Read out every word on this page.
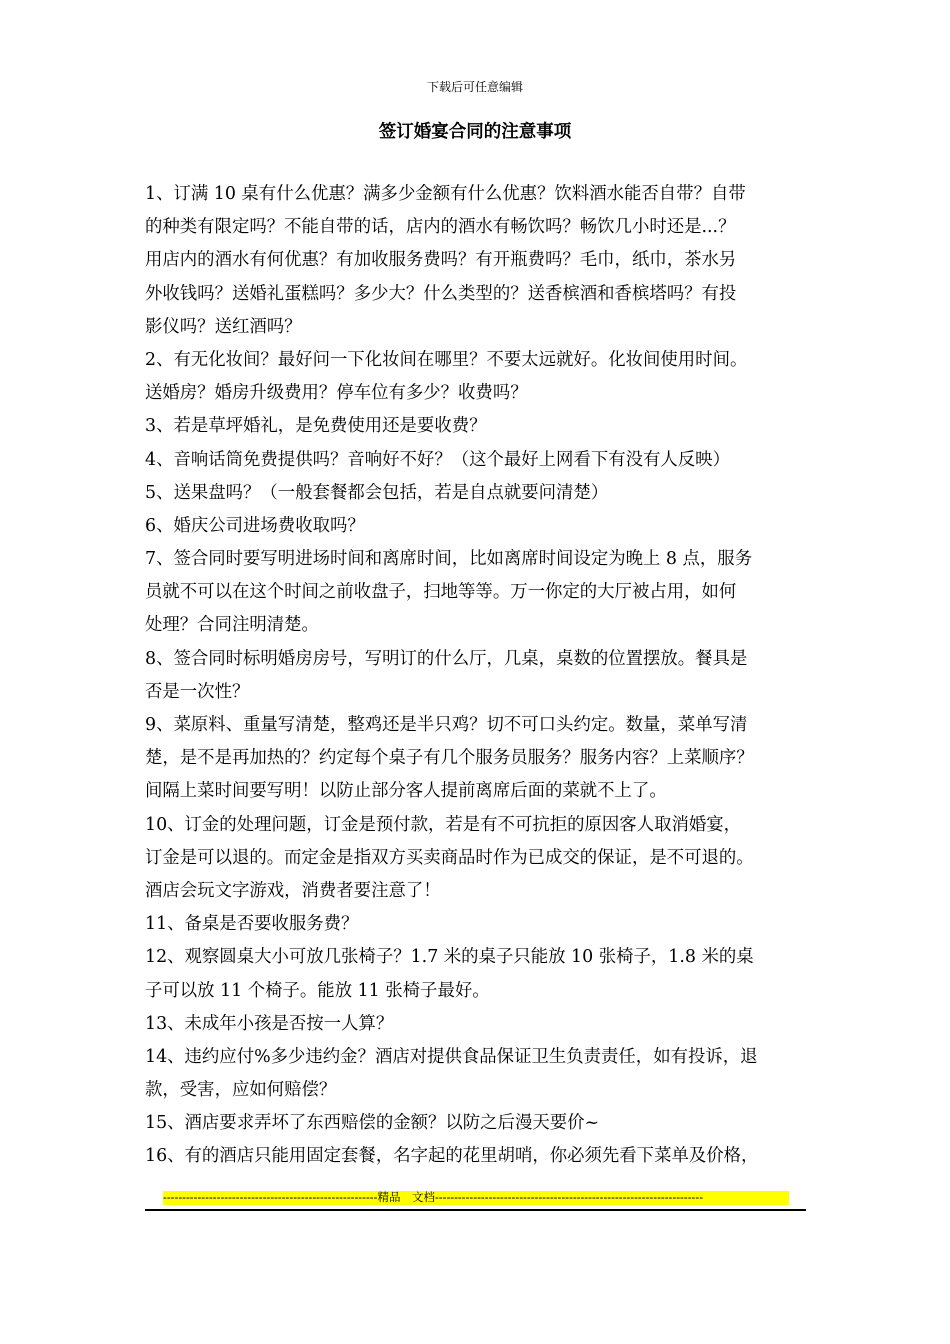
下载后可任意编辑
签订婚宴合同的注意事项
1、订满 10 桌有什么优惠？满多少金额有什么优惠？饮料酒水能否自带？自带
的种类有限定吗？不能自带的话，店内的酒水有畅饮吗？畅饮几小时还是...？
用店内的酒水有何优惠？有加收服务费吗？有开瓶费吗？毛巾，纸巾，茶水另
外收钱吗？送婚礼蛋糕吗？多少大？什么类型的？送香槟酒和香槟塔吗？有投
影仪吗？送红酒吗？
2、有无化妆间？最好问一下化妆间在哪里？不要太远就好。化妆间使用时间。
送婚房？婚房升级费用？停车位有多少？收费吗？
3、若是草坪婚礼，是免费使用还是要收费？
4、音响话筒免费提供吗？音响好不好？（这个最好上网看下有没有人反映）
5、送果盘吗？（一般套餐都会包括，若是自点就要问清楚）
6、婚庆公司进场费收取吗？
7、签合同时要写明进场时间和离席时间，比如离席时间设定为晚上 8 点，服务
员就不可以在这个时间之前收盘子，扫地等等。万一你定的大厅被占用，如何
处理？合同注明清楚。
8、签合同时标明婚房房号，写明订的什么厅，几桌，桌数的位置摆放。餐具是
否是一次性？
9、菜原料、重量写清楚，整鸡还是半只鸡？切不可口头约定。数量，菜单写清
楚，是不是再加热的？约定每个桌子有几个服务员服务？服务内容？上菜顺序？
间隔上菜时间要写明！以防止部分客人提前离席后面的菜就不上了。
10、订金的处理问题，订金是预付款，若是有不可抗拒的原因客人取消婚宴，
订金是可以退的。而定金是指双方买卖商品时作为已成交的保证，是不可退的。
酒店会玩文字游戏，消费者要注意了！
11、备桌是否要收服务费？
12、观察圆桌大小可放几张椅子？1.7 米的桌子只能放 10 张椅子，1.8 米的桌
子可以放 11 个椅子。能放 11 张椅子最好。
13、未成年小孩是否按一人算？
14、违约应付%多少违约金？酒店对提供食品保证卫生负责责任，如有投诉，退
款，受害，应如何赔偿？
15、酒店要求弄坏了东西赔偿的金额？以防之后漫天要价~
16、有的酒店只能用固定套餐，名字起的花里胡哨，你必须先看下菜单及价格，
--------------------------------------------------------精品　文档----------------------------------------------------------------------
